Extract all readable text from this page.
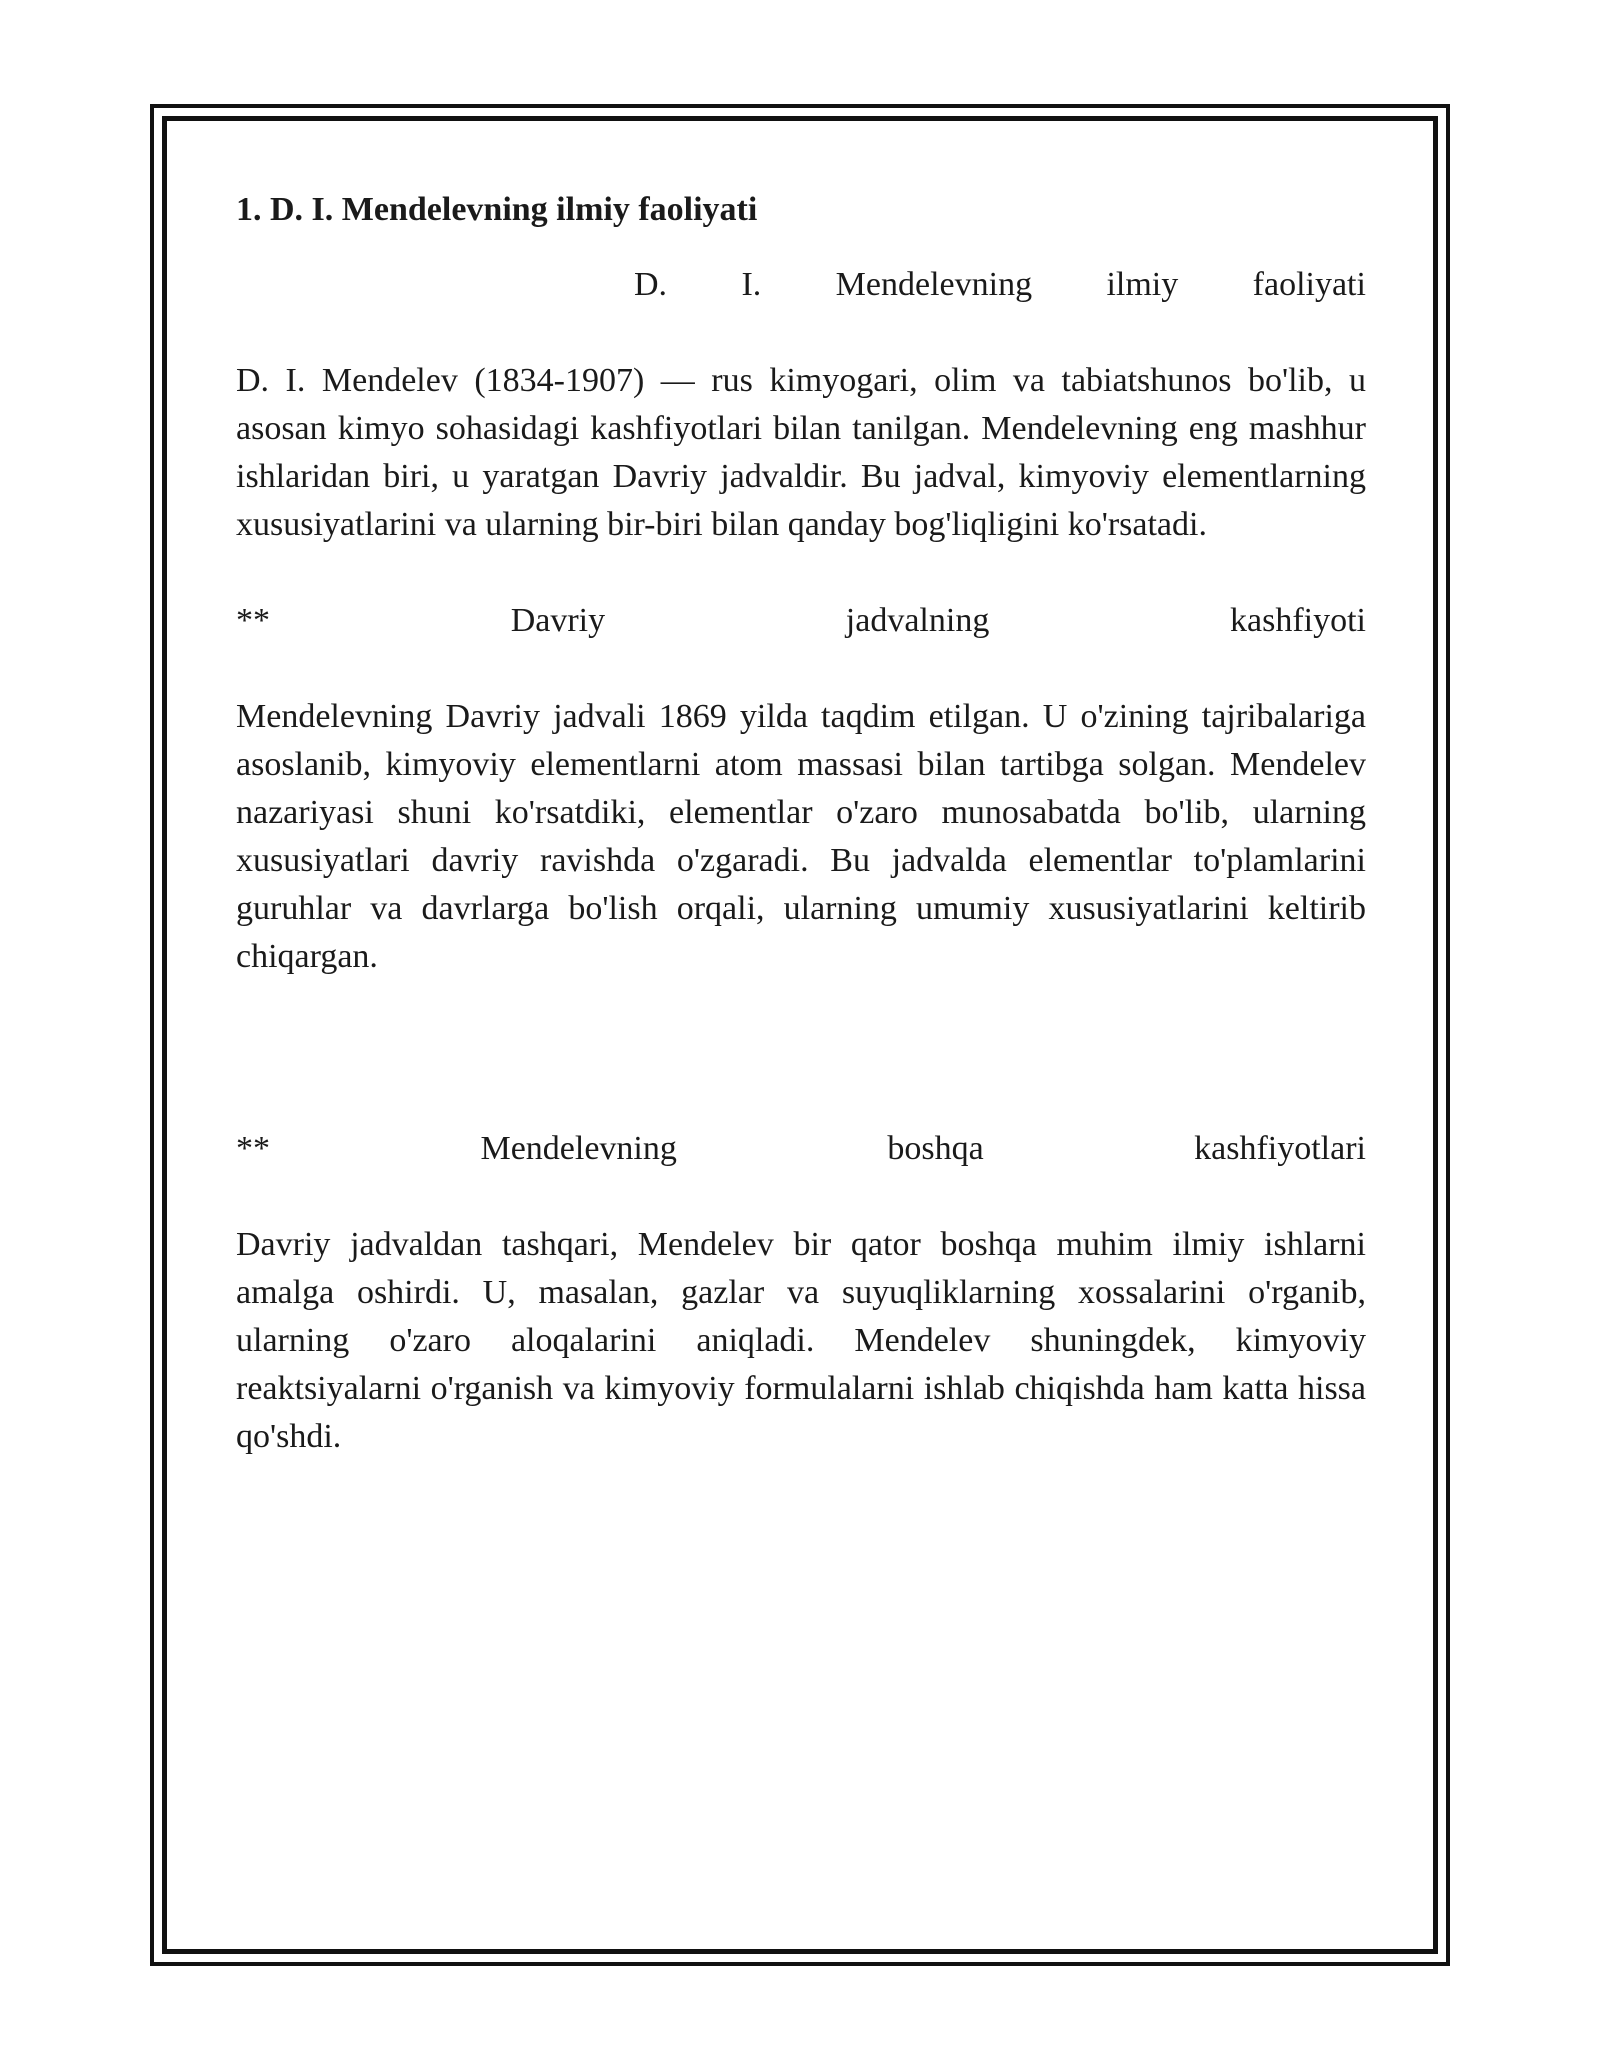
1. D. I. Mendelevning ilmiy faoliyati

D. I. Mendelevning ilmiy faoliyati

D. I. Mendelev (1834-1907) — rus kimyogari, olim va tabiatshunos bo'lib, u asosan kimyo sohasidagi kashfiyotlari bilan tanilgan. Mendelevning eng mashhur ishlaridan biri, u yaratgan Davriy jadvaldir. Bu jadval, kimyoviy elementlarning xususiyatlarini va ularning bir-biri bilan qanday bog'liqligini ko'rsatadi.

**	Davriy	jadvalning	kashfiyoti

Mendelevning Davriy jadvali 1869 yilda taqdim etilgan. U o'zining tajribalariga asoslanib, kimyoviy elementlarni atom massasi bilan tartibga solgan. Mendelev nazariyasi shuni ko'rsatdiki, elementlar o'zaro munosabatda bo'lib, ularning xususiyatlari davriy ravishda o'zgaradi. Bu jadvalda elementlar to'plamlarini guruhlar va davrlarga bo'lish orqali, ularning umumiy xususiyatlarini keltirib chiqargan.

**	Mendelevning	boshqa	kashfiyotlari

Davriy jadvaldan tashqari, Mendelev bir qator boshqa muhim ilmiy ishlarni amalga oshirdi. U, masalan, gazlar va suyuqliklarning xossalarini o'rganib, ularning o'zaro aloqalarini aniqladi. Mendelev shuningdek, kimyoviy reaktsiyalarni o'rganish va kimyoviy formulalarni ishlab chiqishda ham katta hissa qo'shdi.
